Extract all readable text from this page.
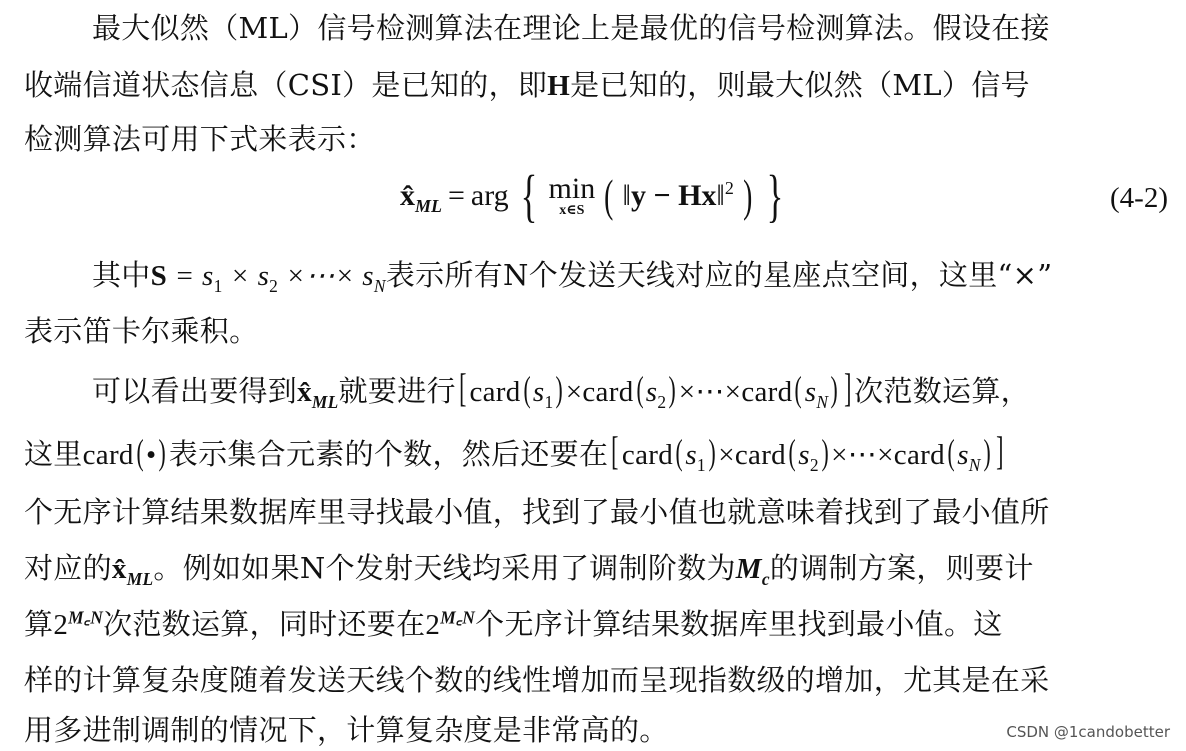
最大似然（ML）信号检测算法在理论上是最优的信号检测算法。假设在接
收端信道状态信息（CSI）是已知的，即H是已知的，则最大似然（ML）信号
检测算法可用下式来表示：
$x̂_{ML}$ = arg { min
x∈S ( ‖y − Hx‖$^2$ ) }	(4-2)
其中$S = s_1 \times s_2$ ×⋯× $s_N$表示所有N个发送天线对应的星座点空间，这里“×”
表示笛卡尔乘积。
可以看出要得到$x̂_{ML}$就要进行[ $card(s_1)\times card(s_2)\times\cdots\times card(s_N)$ ] 次范数运算，
这里card(•)表示集合元素的个数，然后还要在[ $card(s_1)\times card(s_2)\times\cdots\times card(s_N)$ ]
个无序计算结果数据库里寻找最小值，找到了最小值也就意味着找到了最小值所
对应的$x̂_{ML}$。例如如果N个发射天线均采用了调制阶数为$M_c$的调制方案，则要计
算$2^{M꜀N}$次范数运算，同时还要在$2^{M꜀N}$个无序计算结果数据库里找到最小值。这
样的计算复杂度随着发送天线个数的线性增加而呈现指数级的增加，尤其是在采
用多进制调制的情况下，计算复杂度是非常高的。	CSDN @1candobetter
